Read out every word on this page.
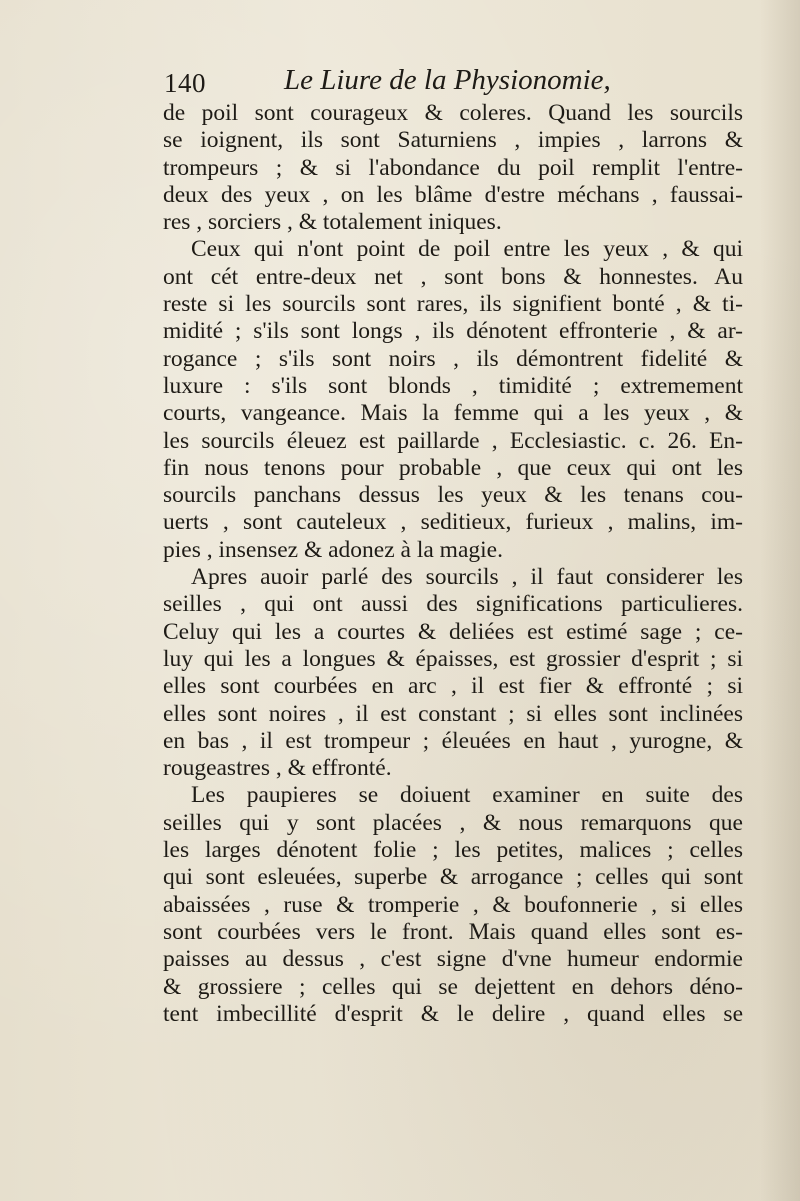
140	Le Liure de la Physionomie,
de poil sont courageux & coleres. Quand les sourcils
se ioignent, ils sont Saturniens , impies , larrons &
trompeurs ; & si l'abondance du poil remplit l'entre-
deux des yeux , on les blâme d'estre méchans , faussai-
res , sorciers , & totalement iniques.
Ceux qui n'ont point de poil entre les yeux , & qui
ont cét entre-deux net , sont bons & honnestes. Au
reste si les sourcils sont rares, ils signifient bonté , & ti-
midité ; s'ils sont longs , ils dénotent effronterie , & ar-
rogance ; s'ils sont noirs , ils démontrent fidelité &
luxure : s'ils sont blonds , timidité ; extremement
courts, vangeance. Mais la femme qui a les yeux , &
les sourcils éleuez est paillarde , Ecclesiastic. c. 26. En-
fin nous tenons pour probable , que ceux qui ont les
sourcils panchans dessus les yeux & les tenans cou-
uerts , sont cauteleux , seditieux, furieux , malins, im-
pies , insensez & adonez à la magie.
Apres auoir parlé des sourcils , il faut considerer les
seilles , qui ont aussi des significations particulieres.
Celuy qui les a courtes & deliées est estimé sage ; ce-
luy qui les a longues & épaisses, est grossier d'esprit ; si
elles sont courbées en arc , il est fier & effronté ; si
elles sont noires , il est constant ; si elles sont inclinées
en bas , il est trompeur ; éleuées en haut , yurogne, &
rougeastres , & effronté.
Les paupieres se doiuent examiner en suite des
seilles qui y sont placées , & nous remarquons que
les larges dénotent folie ; les petites, malices ; celles
qui sont esleuées, superbe & arrogance ; celles qui sont
abaissées , ruse & tromperie , & boufonnerie , si elles
sont courbées vers le front. Mais quand elles sont es-
paisses au dessus , c'est signe d'vne humeur endormie
& grossiere ; celles qui se dejettent en dehors déno-
tent imbecillité d'esprit & le delire , quand elles se
